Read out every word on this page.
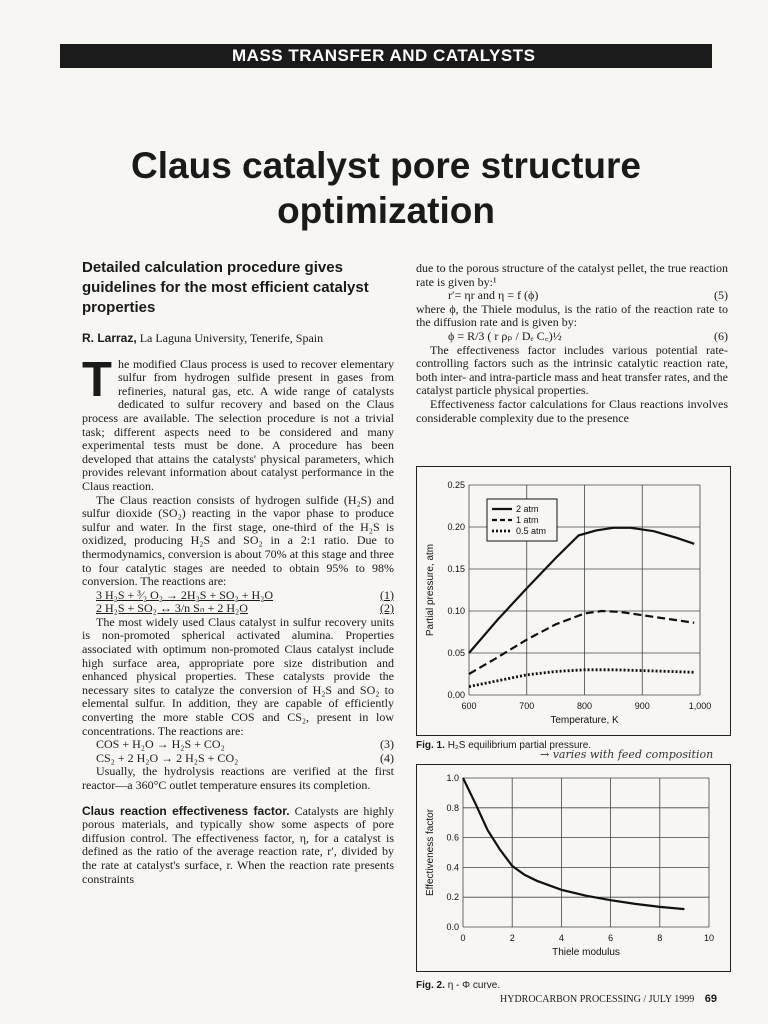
MASS TRANSFER AND CATALYSTS
Claus catalyst pore structure
optimization

Detailed calculation procedure gives guidelines for the most efficient catalyst properties

R. Larraz, La Laguna University, Tenerife, Spain

The modified Claus process is used to recover elementary sulfur from hydrogen sulfide present in gases from refineries, natural gas, etc. A wide range of catalysts dedicated to sulfur recovery and based on the Claus process are available. The selection procedure is not a trivial task; different aspects need to be considered and many experimental tests must be done. A procedure has been developed that attains the catalysts' physical parameters, which provides relevant information about catalyst performance in the Claus reaction.

The Claus reaction consists of hydrogen sulfide (H₂S) and sulfur dioxide (SO₂) reacting in the vapor phase to produce sulfur and water. In the first stage, one-third of the H₂S is oxidized, producing H₂S and SO₂ in a 2:1 ratio. Due to thermodynamics, conversion is about 70% at this stage and three to four catalytic stages are needed to obtain 95% to 98% conversion. The reactions are:

3 H₂S + ³⁄₂ O₂ → 2H₂S + SO₂ + H₂O	(1)
2 H₂S + SO₂ ↔ 3/n Sₙ + 2 H₂O	(2)

The most widely used Claus catalyst in sulfur recovery units is non-promoted spherical activated alumina. Properties associated with optimum non-promoted Claus catalyst include high surface area, appropriate pore size distribution and enhanced physical properties. These catalysts provide the necessary sites to catalyze the conversion of H₂S and SO₂ to elemental sulfur. In addition, they are capable of efficiently converting the more stable COS and CS₂, present in low concentrations. The reactions are:

COS + H₂O → H₂S + CO₂	(3)
CS₂ + 2 H₂O → 2 H₂S + CO₂	(4)

Usually, the hydrolysis reactions are verified at the first reactor—a 360°C outlet temperature ensures its completion.

Claus reaction effectiveness factor. Catalysts are highly porous materials, and typically show some aspects of pore diffusion control. The effectiveness factor, η, for a catalyst is defined as the ratio of the average reaction rate, r′, divided by the rate at catalyst's surface, r. When the reaction rate presents constraints

due to the porous structure of the catalyst pellet, the true reaction rate is given by:¹

r′= ηr and η = f (ϕ)	(5)

where ϕ, the Thiele modulus, is the ratio of the reaction rate to the diffusion rate and is given by:

ϕ = R/3 ( r ρₚ / Dₑ C꜀)½	(6)

The effectiveness factor includes various potential rate-controlling factors such as the intrinsic catalytic reaction rate, both inter- and intra-particle mass and heat transfer rates, and the catalyst particle physical properties.

Effectiveness factor calculations for Claus reactions involves considerable complexity due to the presence

600	700	800	900	1,000
0.00
0.05
0.10
0.15
0.20
0.25
Temperature, K
Partial pressure, atm
2 atm
1 atm
0.5 atm
Fig. 1. H₂S equilibrium partial pressure.
→ varies with feed composition
0	2	4	6	8	10
0.0
0.2
0.4
0.6
0.8
1.0
Thiele modulus
Effectiveness factor
Fig. 2. η - Φ curve.
HYDROCARBON PROCESSING / JULY 1999 69
